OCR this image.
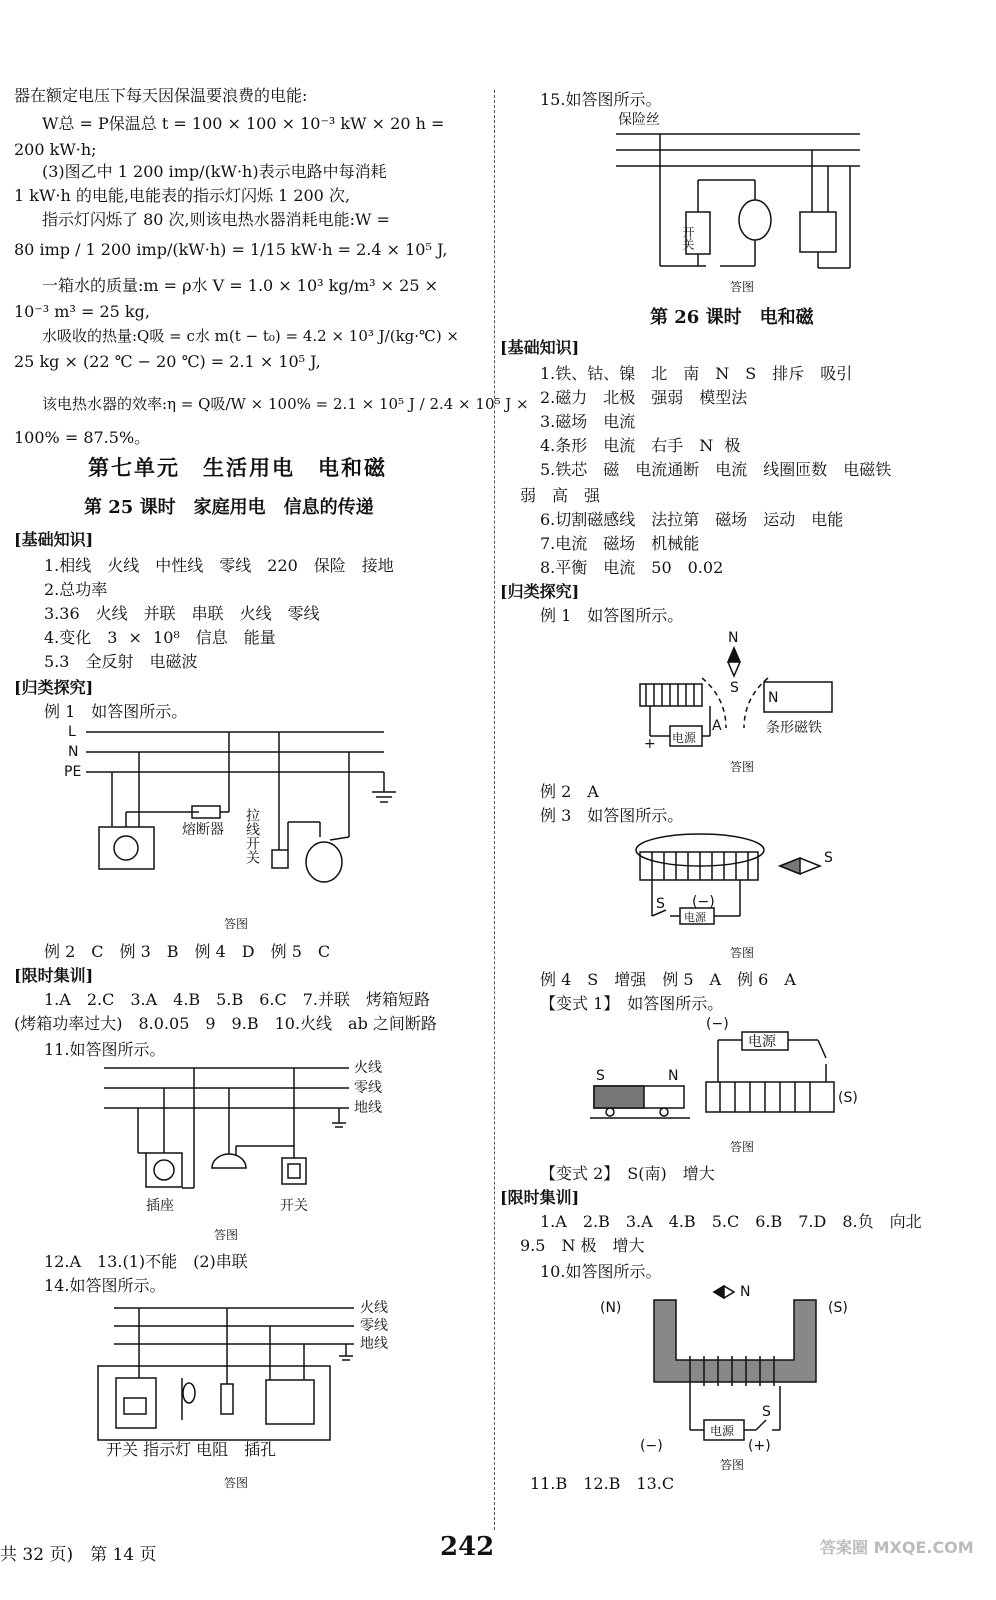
器在额定电压下每天因保温要浪费的电能:
W总 = P保温总 t = 100 × 100 × 10⁻³ kW × 20 h =
200 kW·h;
(3)图乙中 1 200 imp/(kW·h)表示电路中每消耗
1 kW·h 的电能,电能表的指示灯闪烁 1 200 次,
指示灯闪烁了 80 次,则该电热水器消耗电能:W =
80 imp / 1 200 imp/(kW·h) = 1/15 kW·h = 2.4 × 10⁵ J,
一箱水的质量:m = ρ水 V = 1.0 × 10³ kg/m³ × 25 ×
10⁻³ m³ = 25 kg,
水吸收的热量:Q吸 = c水 m(t − t₀) = 4.2 × 10³ J/(kg·℃) ×
25 kg × (22 ℃ − 20 ℃) = 2.1 × 10⁵ J,
该电热水器的效率:η = Q吸/W × 100% = 2.1 × 10⁵ J / 2.4 × 10⁵ J ×
100% = 87.5%。
第七单元　生活用电　电和磁
第 25 课时　家庭用电　信息的传递
[基础知识]
1.相线　火线　中性线　零线　220　保险　接地
2.总功率
3.36　火线　并联　串联　火线　零线
4.变化　3 × 10⁸　信息　能量
5.3　全反射　电磁波
[归类探究]
例 1　如答图所示。
L
N
PE
熔断器 拉线开关
答图
例 2　C　例 3　B　例 4　D　例 5　C
[限时集训]
1.A　2.C　3.A　4.B　5.B　6.C　7.并联　烤箱短路
(烤箱功率过大)　8.0.05　9　9.B　10.火线　ab 之间断路
11.如答图所示。
火线
零线
地线
插座	开关
答图
12.A　13.(1)不能　(2)串联
14.如答图所示。
火线
零线
地线
开关 指示灯 电阻　插孔
答图
15.如答图所示。
保险丝
开关
答图
第 26 课时　电和磁
[基础知识]
1.铁、钴、镍　北　南　N　S　排斥　吸引
2.磁力　北极　强弱　模型法
3.磁场　电流
4.条形　电流　右手　N 极
5.铁芯　磁　电流通断　电流　线圈匝数　电磁铁
弱　高　强
6.切割磁感线　法拉第　磁场　运动　电能
7.电流　磁场　机械能
8.平衡　电流　50　0.02
[归类探究]
例 1　如答图所示。
N
S
A
+ 电源
N
条形磁铁
答图
例 2　A
例 3　如答图所示。
S
S (−)
电源
答图
例 4　S　增强　例 5　A　例 6　A
【变式 1】　如答图所示。
(−)
电源
S	N
(S)
答图
【变式 2】　S(南)　增大
[限时集训]
1.A　2.B　3.A　4.B　5.C　6.B　7.D　8.负　向北
9.5　N 极　增大
10.如答图所示。
N
(N)	(S)
电源
S
(−)	(+)
答图
11.B　12.B　13.C
共 32 页)　第 14 页	242	答案圈 MXQE.COM
